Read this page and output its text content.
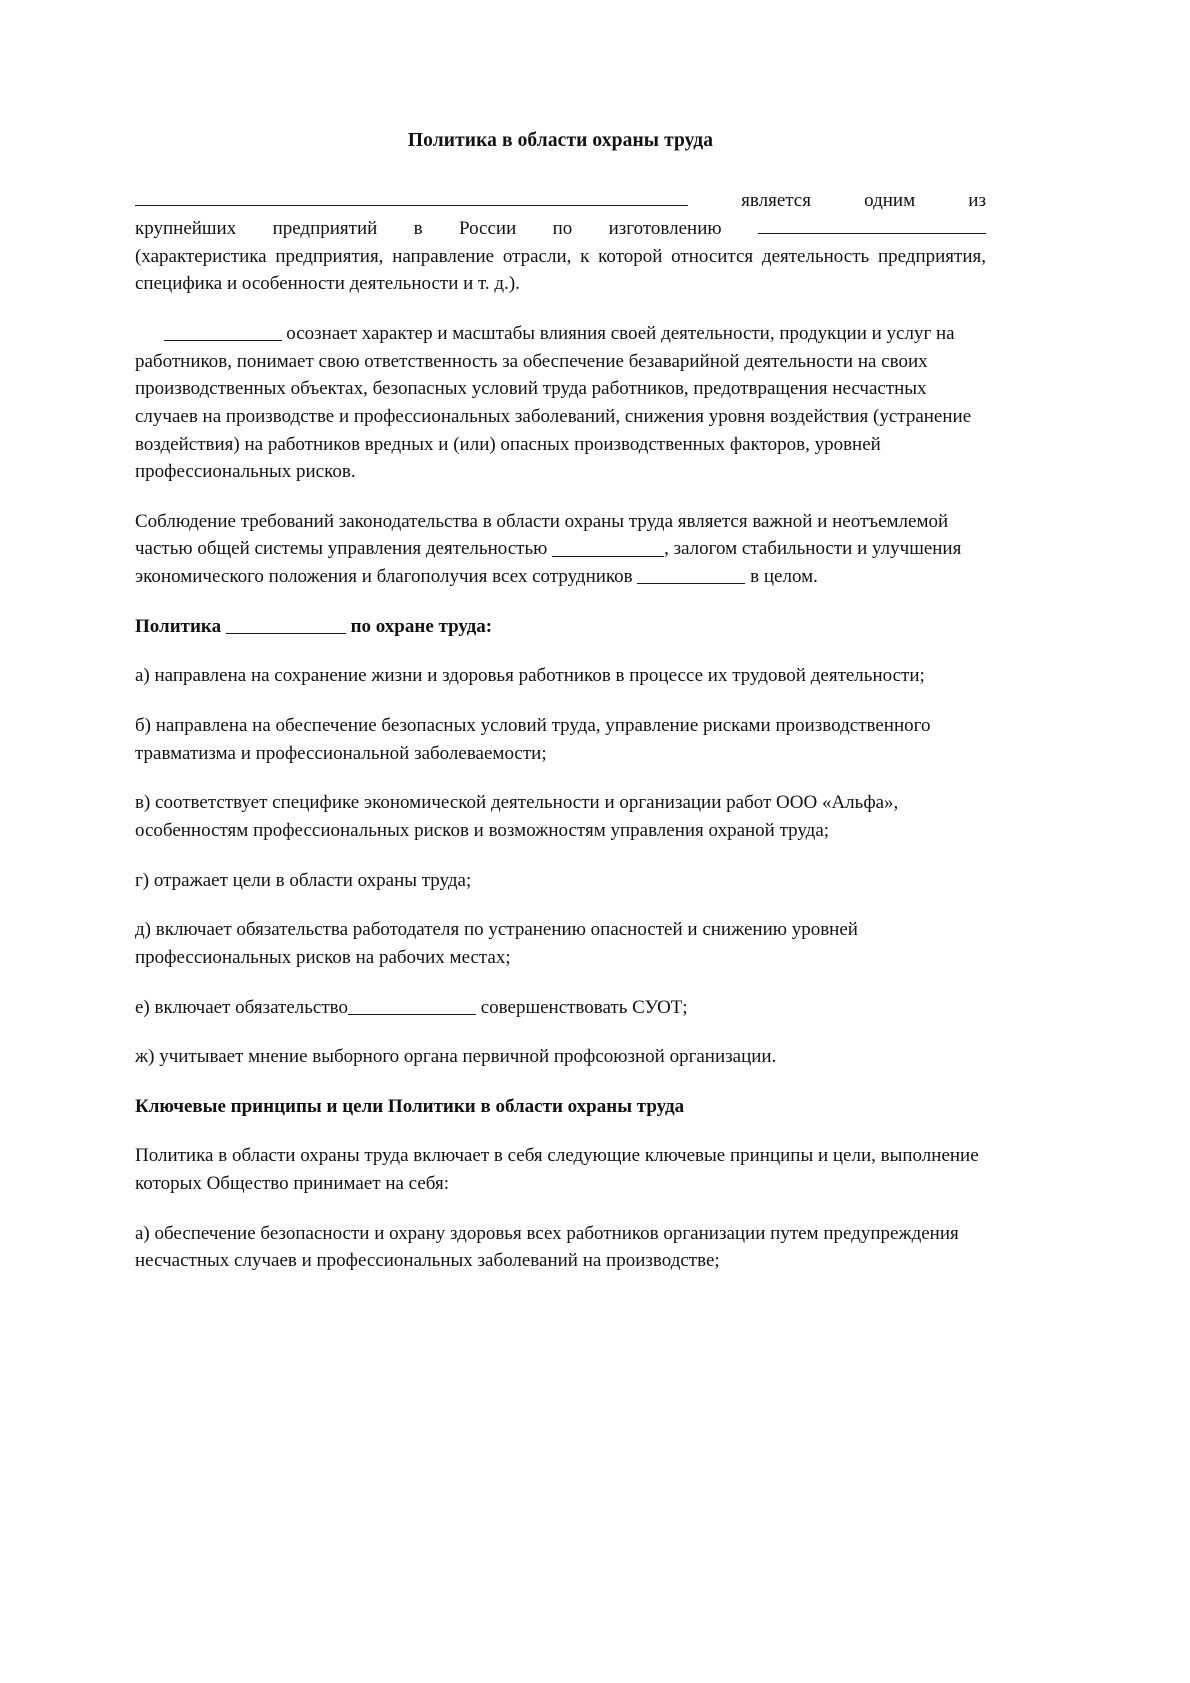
Политика в области охраны труда

является	одним	из
крупнейших предприятий в России по изготовлению
(характеристика предприятия, направление отрасли, к которой относится деятельность предприятия, специфика и особенности деятельности и т. д.).

осознает характер и масштабы влияния своей деятельности, продукции и услуг на работников, понимает свою ответственность за обеспечение безаварийной деятельности на своих производственных объектах, безопасных условий труда работников, предотвращения несчастных случаев на производстве и профессиональных заболеваний, снижения уровня воздействия (устранение воздействия) на работников вредных и (или) опасных производственных факторов, уровней профессиональных рисков.

Соблюдение требований законодательства в области охраны труда является важной и неотъемлемой частью общей системы управления деятельностью	, залогом стабильности и улучшения экономического положения и благополучия всех сотрудников	в целом.

Политика	по охране труда:

а) направлена на сохранение жизни и здоровья работников в процессе их трудовой деятельности;

б) направлена на обеспечение безопасных условий труда, управление рисками производственного травматизма и профессиональной заболеваемости;

в) соответствует специфике экономической деятельности и организации работ ООО «Альфа», особенностям профессиональных рисков и возможностям управления охраной труда;

г) отражает цели в области охраны труда;

д) включает обязательства работодателя по устранению опасностей и снижению уровней профессиональных рисков на рабочих местах;

е) включает обязательство	совершенствовать СУОТ;

ж) учитывает мнение выборного органа первичной профсоюзной организации.

Ключевые принципы и цели Политики в области охраны труда

Политика в области охраны труда включает в себя следующие ключевые принципы и цели, выполнение которых Общество принимает на себя:

а) обеспечение безопасности и охрану здоровья всех работников организации путем предупреждения несчастных случаев и профессиональных заболеваний на производстве;
